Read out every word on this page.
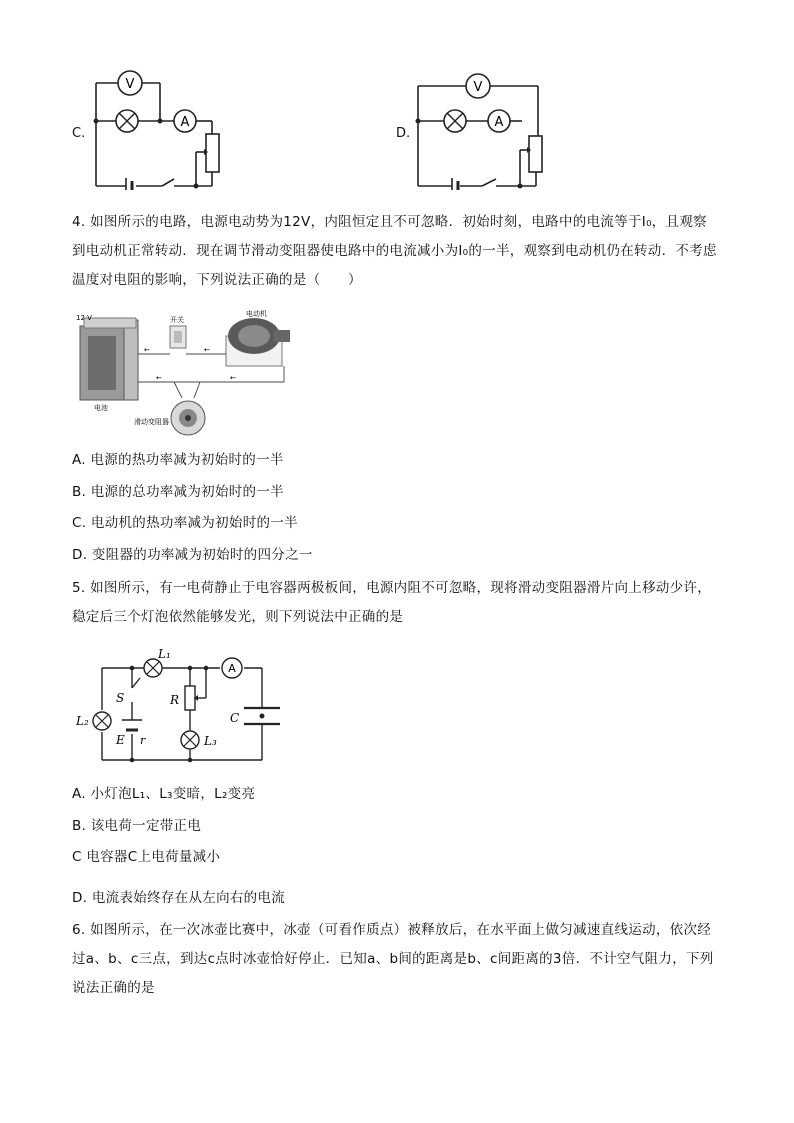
C.
V
A
D.
V
A
4. 如图所示的电路，电源电动势为12V，内阻恒定且不可忽略．初始时刻，电路中的电流等于I₀，且观察到电动机正常转动．现在调节滑动变阻器使电路中的电流减小为I₀的一半，观察到电动机仍在转动．不考虑温度对电阻的影响，下列说法正确的是（　　）
12 V
电池
开关
电动机
←	←
←	←
滑动变阻器
A. 电源的热功率减为初始时的一半
B. 电源的总功率减为初始时的一半
C. 电动机的热功率减为初始时的一半
D. 变阻器的功率减为初始时的四分之一
5. 如图所示，有一电荷静止于电容器两极板间，电源内阻不可忽略，现将滑动变阻器滑片向上移动少许，稳定后三个灯泡依然能够发光，则下列说法中正确的是
A
L₁
L₂
L₃
S	R
E r
C
A. 小灯泡L₁、L₃变暗，L₂变亮
B. 该电荷一定带正电
C 电容器C上电荷量减小
D. 电流表始终存在从左向右的电流
6. 如图所示，在一次冰壶比赛中，冰壶（可看作质点）被释放后，在水平面上做匀减速直线运动，依次经过a、b、c三点，到达c点时冰壶恰好停止．已知a、b间的距离是b、c间距离的3倍．不计空气阻力，下列说法正确的是
